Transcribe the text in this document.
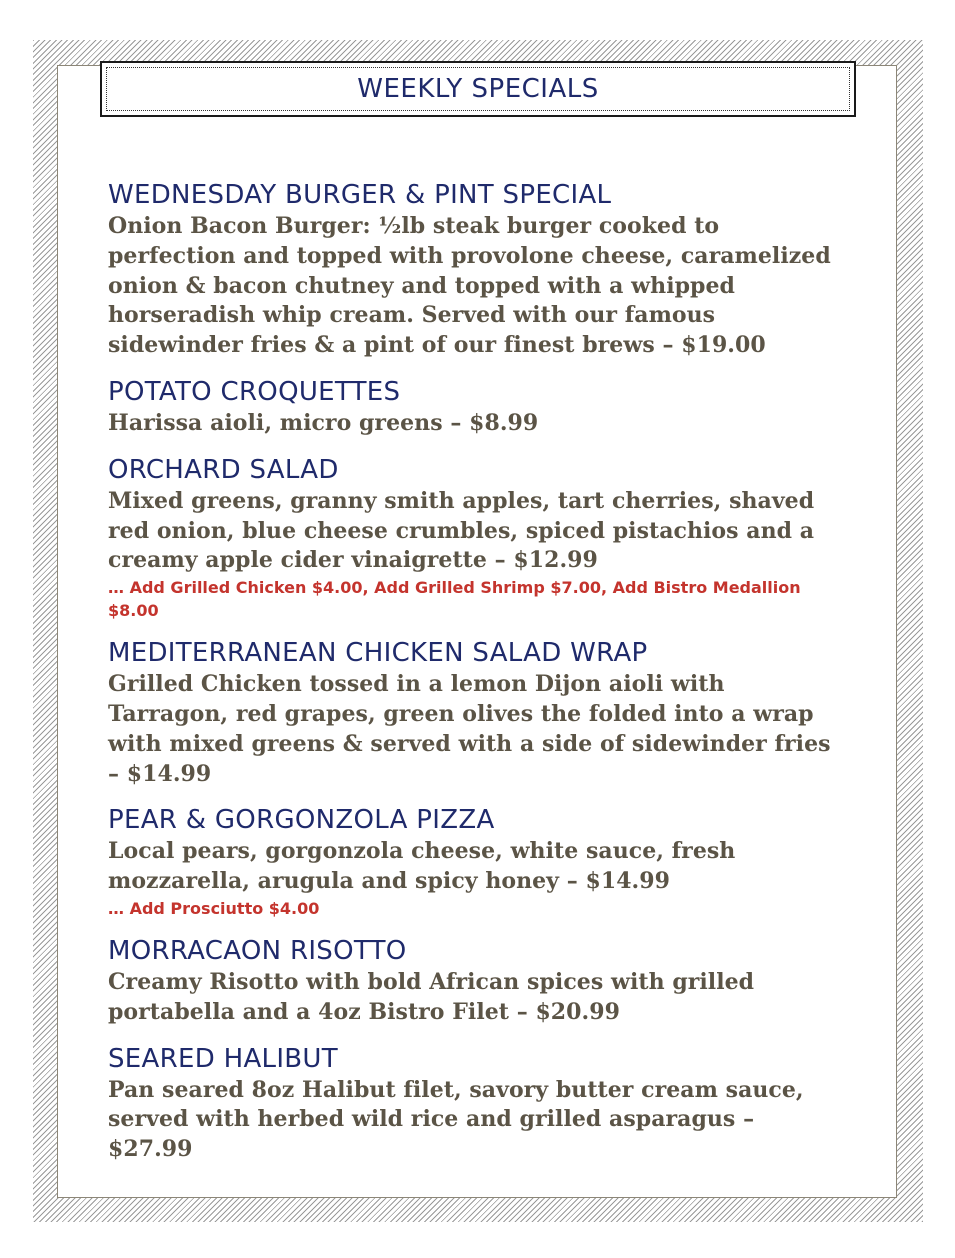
WEEKLY SPECIALS
WEDNESDAY BURGER & PINT SPECIAL
Onion Bacon Burger: ½lb steak burger cooked to perfection and topped with provolone cheese, caramelized onion & bacon chutney and topped with a whipped horseradish whip cream. Served with our famous sidewinder fries & a pint of our finest brews – $19.00
POTATO CROQUETTES
Harissa aioli, micro greens – $8.99
ORCHARD SALAD
Mixed greens, granny smith apples, tart cherries, shaved red onion, blue cheese crumbles, spiced pistachios and a creamy apple cider vinaigrette – $12.99
… Add Grilled Chicken $4.00, Add Grilled Shrimp $7.00, Add Bistro Medallion $8.00
MEDITERRANEAN CHICKEN SALAD WRAP
Grilled Chicken tossed in a lemon Dijon aioli with Tarragon, red grapes, green olives the folded into a wrap with mixed greens & served with a side of sidewinder fries – $14.99
PEAR & GORGONZOLA PIZZA
Local pears, gorgonzola cheese, white sauce, fresh mozzarella, arugula and spicy honey – $14.99
… Add Prosciutto $4.00
MORRACAON RISOTTO
Creamy Risotto with bold African spices with grilled portabella and a 4oz Bistro Filet – $20.99
SEARED HALIBUT
Pan seared 8oz Halibut filet, savory butter cream sauce, served with herbed wild rice and grilled asparagus – $27.99
